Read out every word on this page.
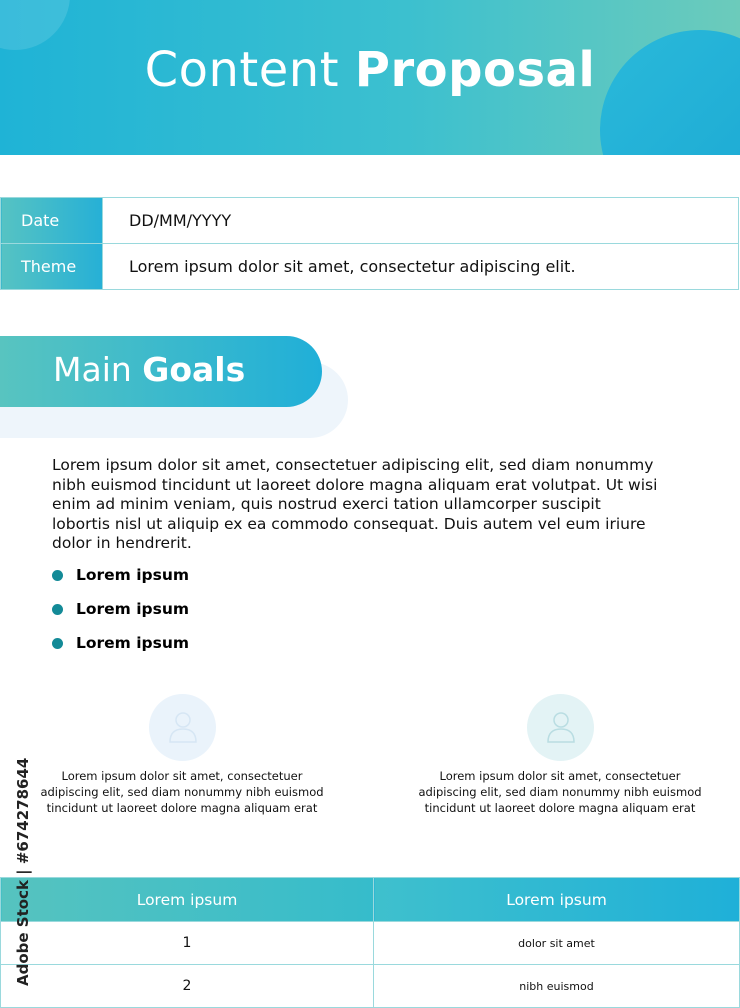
Content Proposal
Date	DD/MM/YYYY
Theme	Lorem ipsum dolor sit amet, consectetur adipiscing elit.
Main Goals

Lorem ipsum dolor sit amet, consectetuer adipiscing elit, sed diam nonummy nibh euismod tincidunt ut laoreet dolore magna aliquam erat volutpat. Ut wisi enim ad minim veniam, quis nostrud exerci tation ullamcorper suscipit lobortis nisl ut aliquip ex ea commodo consequat. Duis autem vel eum iriure dolor in hendrerit.

Lorem ipsum
Lorem ipsum
Lorem ipsum

Lorem ipsum dolor sit amet, consectetuer adipiscing elit, sed diam nonummy nibh euismod tincidunt ut laoreet dolore magna aliquam erat

Lorem ipsum dolor sit amet, consectetuer adipiscing elit, sed diam nonummy nibh euismod tincidunt ut laoreet dolore magna aliquam erat

Lorem ipsum	Lorem ipsum
1	dolor sit amet
2	nibh euismod
Adobe Stock | #674278644
